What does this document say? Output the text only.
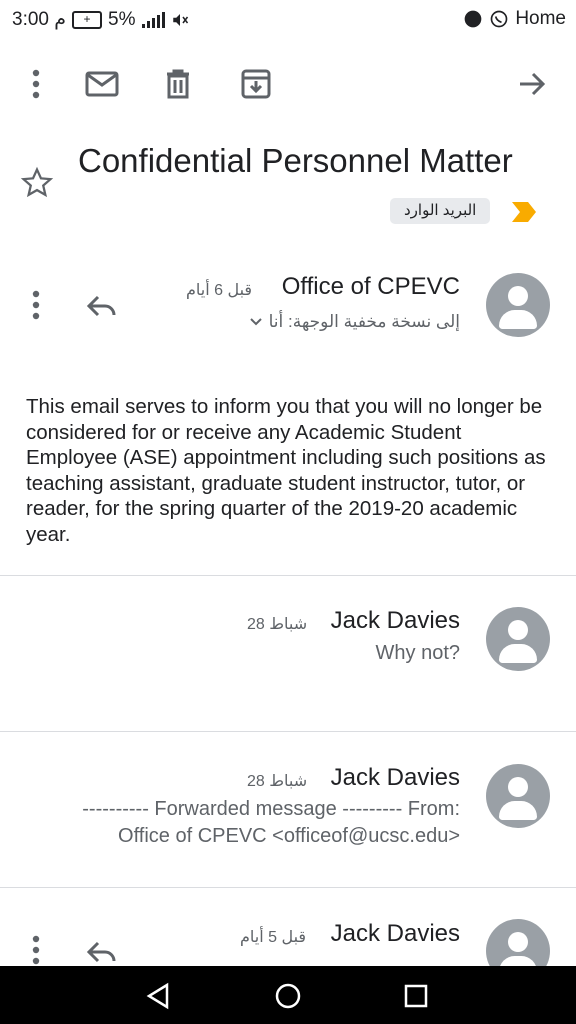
3:00 م	+ 5%	Home
Confidential Personnel Matter
البريد الوارد
Office of CPEVC
قبل 6 أيام
إلى نسخة مخفية الوجهة: أنا
This email serves to inform you that you will no longer be considered for or receive any Academic Student Employee (ASE) appointment including such positions as teaching assistant, graduate student instructor, tutor, or reader, for the spring quarter of the 2019-20 academic year.
Jack Davies
28 شباط
Why not?
Jack Davies
28 شباط
---------- Forwarded message --------- From:
Office of CPEVC <officeof@ucsc.edu>
Jack Davies
قبل 5 أيام
